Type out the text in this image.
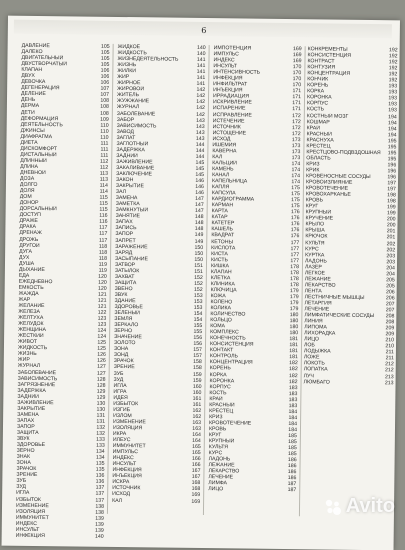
6
ДАВЛЕНИЕ	105
ДАЛЕКО	105
ДВИГАТЕЛЬНЫЙ	105
ДВУСТВОРЧАТЫЙ	105
КЛАПАН	106
ДВУХ	106
ДЕВОЧКА	106
ДЕГЕНЕРАЦИЯ	107
ДЕЛЕНИЕ	107
ДЕНЬ	108
ДЕРМА	108
ДЕТИ	108
ДЕФОРМАЦИЯ	109
ДЕЯТЕЛЬНОСТЬ	110
ДЖИНСЫ	110
ДИАФРАГМА	110
ДИЕТА	111
ДИСКОМФОРТ	111
ДИСТАЛЬНЫЙ	111
ДЛИННЫЙ	112
ДЛИНА	112
ДНЕВНОЙ	113
ДОЗА	113
ДОЛГО	114
ДОЛЯ	114
ДОМ	115
ДОНОР	115
ДОРСАЛЬНЫЙ	115
ДОСТУП	116
ДРАЖЕ	116
ДРАКА	117
ДРЕНАЖ	117
ДРОЖЬ	117
ДРУГОЙ	118
ДУГА	118
ДУХ	118
ДУША	119
ДЫХАНИЕ	119
ЕДА	120
ЕЖЕДНЕВНО	120
ЕМКОСТЬ	120
ЖАЖДА	121
ЖАР	121
ЖЕЛАНИЕ	121
ЖЕЛЕЗА	122
ЖЕЛТУХА	123
ЖЕЛУДОК	123
ЖЕНЩИНА	124
ЖЕСТКИЙ	124
ЖИВОТ	125
ЖИДКОСТЬ	125
ЖИЗНЬ	126
ЖИР	126
ЖУРНАЛ	127
ЗАБОЛЕВАНИЕ	127
ЗАВИСИМОСТЬ	128
ЗАГРЯЗНЕНИЕ	128
ЗАДЕРЖКА	129
ЗАДНИЙ	129
ЗАЖИВЛЕНИЕ	130
ЗАКРЫТИЕ	130
ЗАМЕНА	131
ЗАПАХ	131
ЗАПОР	132
ЗАЩИТА	132
ЗВУК	133
ЗДОРОВЬЕ	133
ЗЕРНО	134
ЗНАК	134
ЗОНА	135
ЗРАЧОК	135
ЗРЕНИЕ	136
ЗУБ	136
ЗУД	137
ИГЛА	137
ИЗБЫТОК	137
ИЗМЕНЕНИЕ	138
ИЗОЛЯЦИЯ	138
ИММУНИТЕТ	139
ИНДЕКС	139
ИНСУЛЬТ	139
ИНФЕКЦИЯ	140
ЖИДКОЕ	140
ЖИДКОСТЬ	140
ЖИЗНЕДЕЯТЕЛЬНОСТЬ	141
ЖИЗНЬ	141
ЖИЛКИ	141
ЖИР	141
ЖИРНОЕ	141
ЖИРОВОЙ	142
ЖИТЕЛЬ	142
ЖУЖЖАНИЕ	142
ЖУРНАЛ	142
ЗАБОЛЕВАНИЕ	142
ЗАБОР	143
ЗАВИСИМОСТЬ	143
ЗАВОД	143
ЗАГЛАТ	143
ЗАГЛОТНЫЙ	144
ЗАДЕРЖКА	144
ЗАДНИЙ	144
ЗАЖИВЛЕНИЕ	145
ЗАКАЛИВАНИЕ	145
ЗАКЛЮЧЕНИЕ	145
ЗАКОН	146
ЗАКРЫТИЕ	146
ЗАЛ	146
ЗАМЕНА	147
ЗАМЕТКА	147
ЗАМКНУТЫЙ	147
ЗАНЯТИЕ	148
ЗАПАХ	148
ЗАПИСЬ	148
ЗАПОР	149
ЗАПРЕТ	149
ЗАРАЖЕНИЕ	150
ЗАРЯД	150
ЗАСЫПАНИЕ	150
ЗАТВОР	151
ЗАТЫЛОК	151
ЗАХВАТ	152
ЗАЩИТА	152
ЗВЕНО	152
ЗВУК	153
ЗДАНИЕ	153
ЗДОРОВЬЕ	153
ЗЕЛЕНЫЙ	154
ЗЕМЛЯ	154
ЗЕРКАЛО	155
ЗЕРНО	155
ЗНАЧЕНИЕ	156
ЗОЛОТО	156
ЗОНА	157
ЗОНД	157
ЗРАЧОК	158
ЗРЕНИЕ	158
ЗУБ	159
ЗУД	159
ИГЛА	160
ИГРА	160
ИДЕЯ	161
ИЗБЫТОК	161
ИЗГИБ	162
ИЗЛОМ	162
ИЗМЕНЕНИЕ	163
ИЗОЛЯЦИЯ	163
ИКРА	164
ИЛЕУС	164
ИММУНИТЕТ	165
ИМПУЛЬС	165
ИНДЕКС	166
ИНСУЛЬТ	166
ИНФЕКЦИЯ	167
ИНЪЕКЦИЯ	167
ИСКРА	168
ИСТОЧНИК	168
ИСХОД	169
КАЛ	169
ИМПОТЕНЦИЯ	169
ИМПУЛЬС	169
ИНДЕКС	169
ИНСУЛЬТ	170
ИНТЕНСИВНОСТЬ	170
ИНФЕКЦИЯ	170
ИНФИЛЬТРАТ	170
ИНЪЕКЦИЯ	171
ИРРАДИАЦИЯ	171
ИСКРИВЛЕНИЕ	171
ИСПАРЕНИЕ	171
ИСПРАВЛЕНИЕ	172
ИСТЕЧЕНИЕ	172
ИСТОЧНИК	172
ИСТОЩЕНИЕ	172
ИСХОД	173
ИШЕМИЯ	173
КАВЕРНА	173
КАЛ	173
КАЛЬЦИЙ	174
КАМЕНЬ	174
КАНАЛ	174
КАПЕЛЬНИЦА	174
КАПЛЯ	175
КАПСУЛА	175
КАРДИОГРАММА	175
КАРМАН	175
КАРТА	176
КАТАР	176
КАТЕТЕР	176
КАШЕЛЬ	176
КВАДРАТ	176
КЕТОНЫ	177
КИСЛОТА	177
КИСТА	177
КИСТЬ	177
КИШКА	178
КЛАПАН	178
КЛЕТКА	178
КЛИНИКА	178
КЛЮЧИЦА	179
КОЖА	179
КОЛЕНО	179
КОЛИКА	179
КОЛИЧЕСТВО	180
КОЛЬЦО	180
КОМА	180
КОМПЛЕКС	180
КОНЕЧНОСТЬ	181
КОНСИСТЕНЦИЯ	181
КОНТАКТ	181
КОНТРОЛЬ	181
КОНЦЕНТРАЦИЯ	182
КОРЕНЬ	182
КОРКА	182
КОРОНКА	182
КОРПУС	183
КОСТЬ	183
КРАЙ	183
КРАСНЫЙ	183
КРЕСТЕЦ	184
КРИЗ	184
КРОВОТЕЧЕНИЕ	184
КРОВЬ	184
КРУГ	185
КРУПНЫЙ	185
КУЛЬТЯ	185
КУРС	185
ЛАДОНЬ	186
ЛЕЖАНИЕ	186
ЛЕКАРСТВО	186
ЛЕЧЕНИЕ	186
ЛИМФА	187
ЛИЦО	187
КОНКРЕМЕНТЫ	192
КОНСИСТЕНЦИЯ	192
КОНТРАСТ	192
КОНТУЗИЯ	192
КОНЦЕНТРАЦИЯ	192
КОНЧИК	192
КОРЕНЬ	193
КОРКА	193
КОРОНКА	193
КОРПУС	193
КОСТЬ	193
КОСТНЫЙ МОЗГ	194
КОШМАР	194
КРАЙ	194
КРАСНЫЙ	194
КРАСНУХА	195
КРЕСТЕЦ	195
КРЕСТЦОВО-ПОДВЗДОШНАЯ	195
ОБЛАСТЬ	195
КРИЗ	196
КРИК	196
КРОВЕНОСНЫЕ СОСУДЫ	196
КРОВОИЗЛИЯНИЕ	197
КРОВОТЕЧЕНИЕ	197
КРОВОХАРКАНЬЕ	198
КРОВЬ	198
КРУГ	199
КРУПНЫЙ	199
КРУЧЕНИЕ	200
КРЫЛО	200
КРЫША	201
КРЮЧОК	201
КУЛЬТЯ	202
КУРС	202
КУРТКА	203
ЛАДОНЬ	203
ЛАЗЕР	204
ЛЕГКОЕ	204
ЛЕЖАНИЕ	205
ЛЕКАРСТВО	205
ЛЕНТА	206
ЛЕСТНИЧНЫЕ МЫШЦЫ	206
ЛЕТАРГИЯ	207
ЛЕЧЕНИЕ	207
ЛИМФАТИЧЕСКИЕ СОСУДЫ	208
ЛИНИЯ	208
ЛИПОМА	209
ЛИХОРАДКА	209
ЛИЦО	210
ЛОБ	210
ЛОДЫЖКА	211
ЛОЖЕ	211
ЛОКОТЬ	212
ЛОПАТКА	212
ЛУЧ	213
ЛЮМБАГО	213
Avito
